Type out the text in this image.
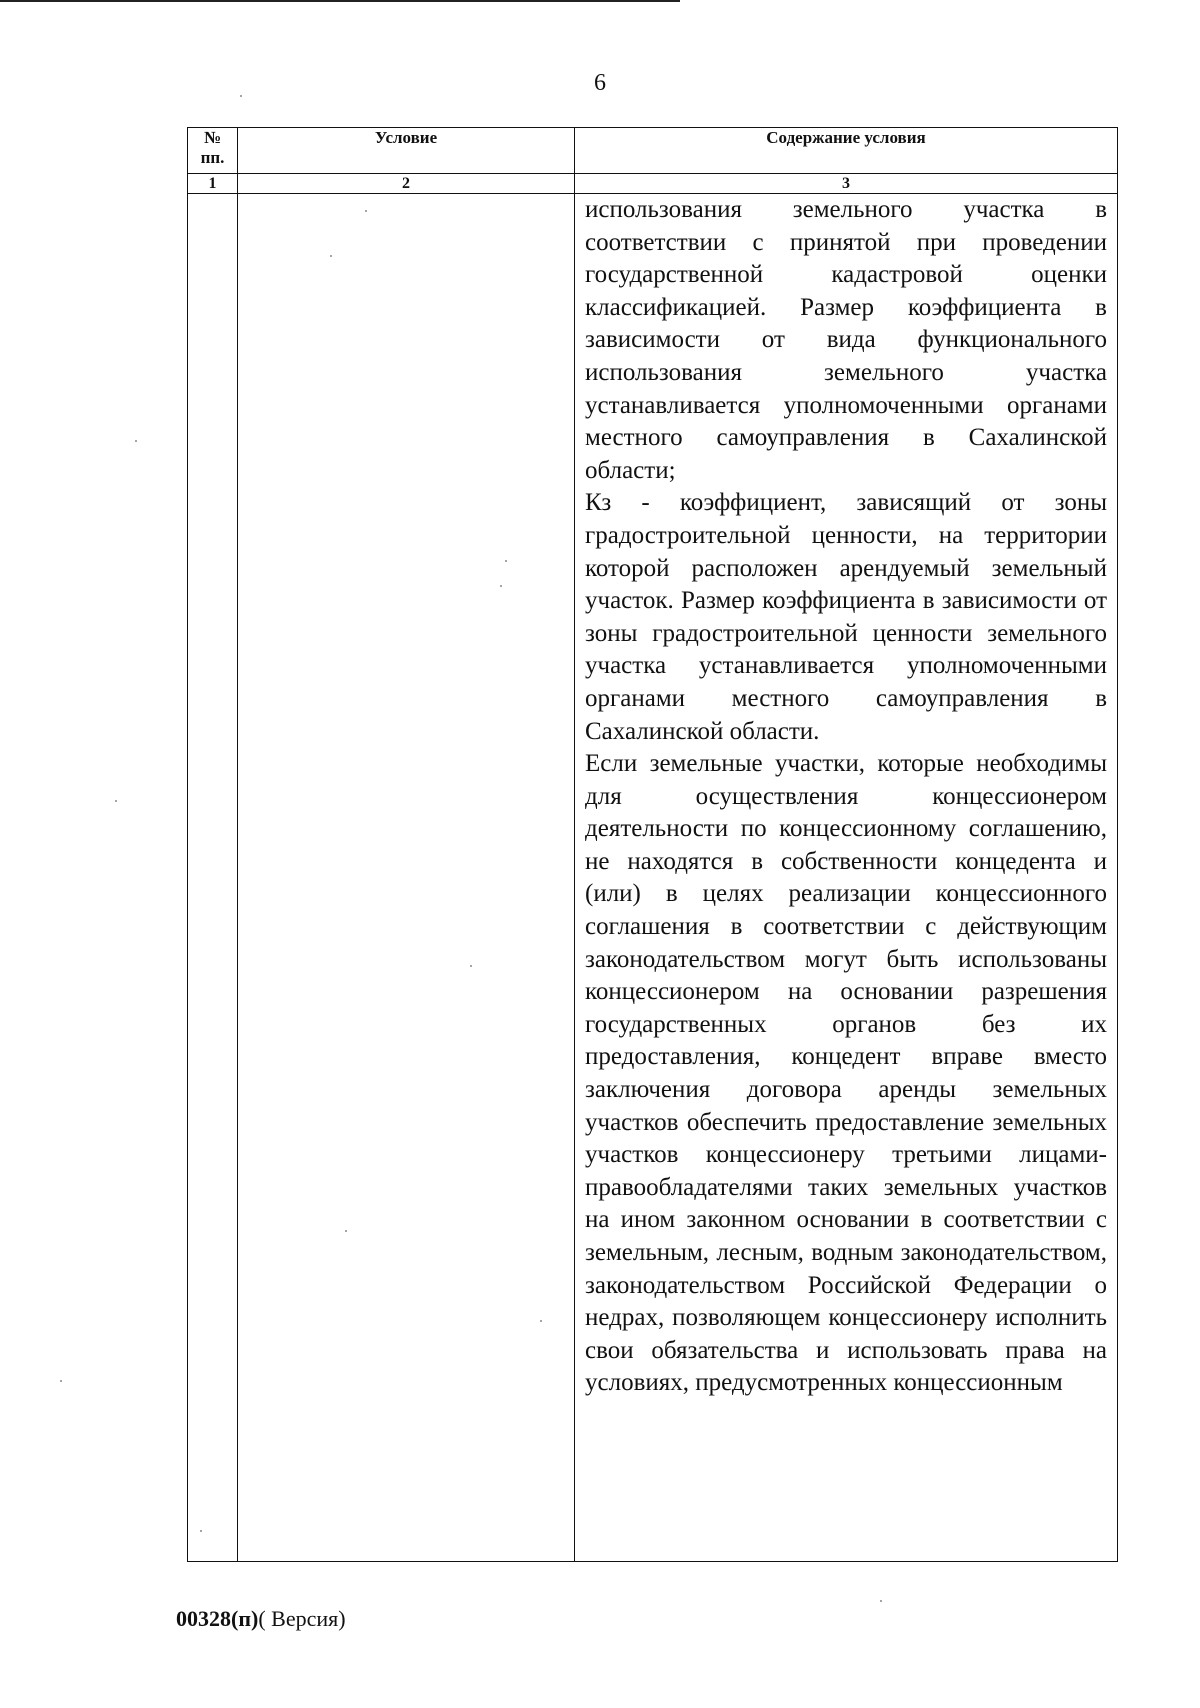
6
№
пп.	Условие	Содержание условия
1	2	3

		использования земельного участка в соответствии с принятой при проведении государственной кадастровой оценки классификацией. Размер коэффициента в зависимости от вида функционального использования земельного участка устанавливается уполномоченными органами местного самоуправления в Сахалинской области;

Кз - коэффициент, зависящий от зоны градостроительной ценности, на территории которой расположен арендуемый земельный участок. Размер коэффициента в зависимости от зоны градостроительной ценности земельного участка устанавливается уполномоченными органами местного самоуправления в Сахалинской области.

Если земельные участки, которые необходимы для осуществления концессионером деятельности по концессионному соглашению, не находятся в собственности концедента и (или) в целях реализации концессионного соглашения в соответствии с действующим законодательством могут быть использованы концессионером на основании разрешения государственных органов без их предоставления, концедент вправе вместо заключения договора аренды земельных участков обеспечить предоставление земельных участков концессионеру третьими лицами-правообладателями таких земельных участков на ином законном основании в соответствии с земельным, лесным, водным законодательством, законодательством Российской Федерации о недрах, позволяющем концессионеру исполнить свои обязательства и использовать права на условиях, предусмотренных концессионным

00328(п)( Версия)
